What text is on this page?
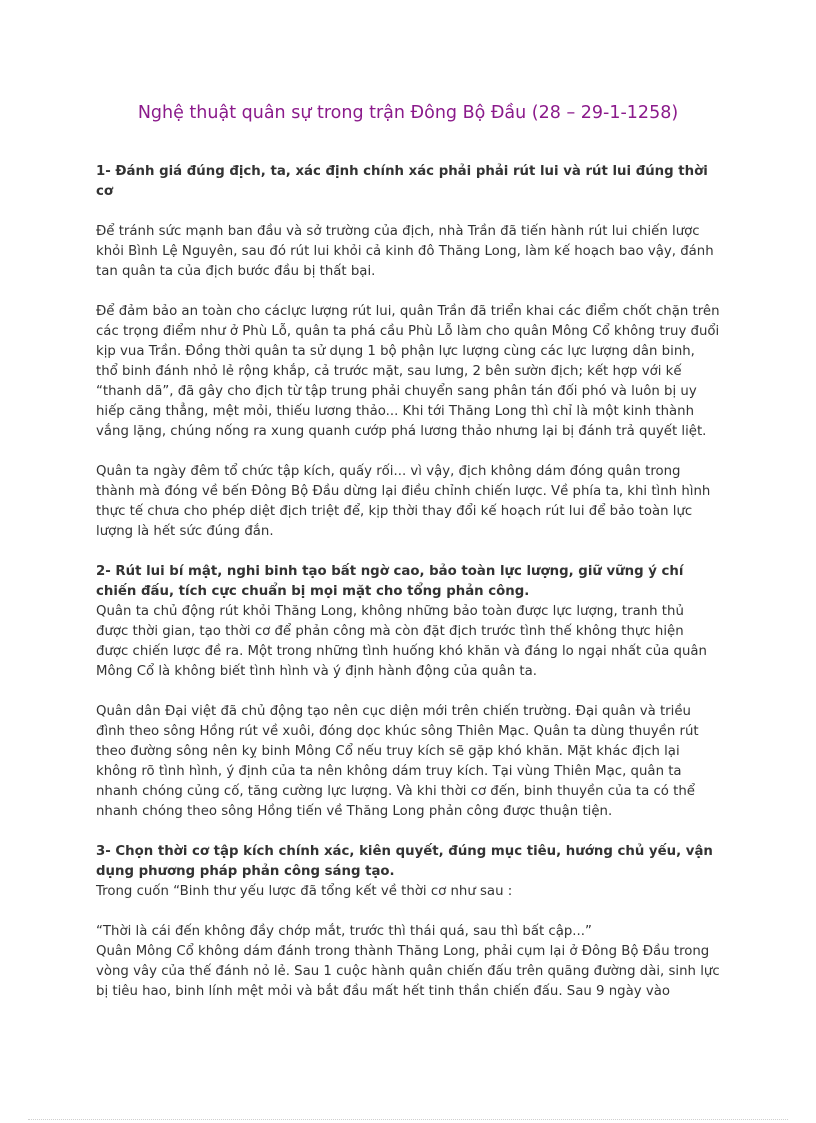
Nghệ thuật quân sự trong trận Đông Bộ Đầu (28 – 29-1-1258)

1- Đánh giá đúng địch, ta, xác định chính xác phải phải rút lui và rút lui đúng thời cơ

Để tránh sức mạnh ban đầu và sở trường của địch, nhà Trần đã tiến hành rút lui chiến lược khỏi Bình Lệ Nguyên, sau đó rút lui khỏi cả kinh đô Thăng Long, làm kế hoạch bao vậy, đánh tan quân ta của địch bước đầu bị thất bại.

Để đảm bảo an toàn cho cáclực lượng rút lui, quân Trần đã triển khai các điểm chốt chặn trên các trọng điểm như ở Phù Lỗ, quân ta phá cầu Phù Lỗ làm cho quân Mông Cổ không truy đuổi kịp vua Trần. Đồng thời quân ta sử dụng 1 bộ phận lực lượng cùng các lực lượng dân binh, thổ binh đánh nhỏ lẻ rộng khắp, cả trước mặt, sau lưng, 2 bên sườn địch; kết hợp với kế “thanh dã”, đã gây cho địch từ tập trung phải chuyển sang phân tán đối phó và luôn bị uy hiếp căng thẳng, mệt mỏi, thiếu lương thảo... Khi tới Thăng Long thì chỉ là một kinh thành vắng lặng, chúng nống ra xung quanh cướp phá lương thảo nhưng lại bị đánh trả quyết liệt.

Quân ta ngày đêm tổ chức tập kích, quấy rối... vì vậy, địch không dám đóng quân trong thành mà đóng về bến Đông Bộ Đầu dừng lại điều chỉnh chiến lược. Về phía ta, khi tình hình thực tế chưa cho phép diệt địch triệt để, kịp thời thay đổi kế hoạch rút lui để bảo toàn lực lượng là hết sức đúng đắn.

2- Rút lui bí mật, nghi binh tạo bất ngờ cao, bảo toàn lực lượng, giữ vững ý chí chiến đấu, tích cực chuẩn bị mọi mặt cho tổng phản công.

Quân ta chủ động rút khỏi Thăng Long, không những bảo toàn được lực lượng, tranh thủ được thời gian, tạo thời cơ để phản công mà còn đặt địch trước tình thế không thực hiện được chiến lược đề ra. Một trong những tình huống khó khăn và đáng lo ngại nhất của quân Mông Cổ là không biết tình hình và ý định hành động của quân ta.

Quân dân Đại việt đã chủ động tạo nên cục diện mới trên chiến trường. Đại quân và triều đình theo sông Hồng rút về xuôi, đóng dọc khúc sông Thiên Mạc. Quân ta dùng thuyền rút theo đường sông nên kỵ binh Mông Cổ nếu truy kích sẽ gặp khó khăn. Mặt khác địch lại không rõ tình hình, ý định của ta nên không dám truy kích. Tại vùng Thiên Mạc, quân ta nhanh chóng củng cố, tăng cường lực lượng. Và khi thời cơ đến, binh thuyền của ta có thể nhanh chóng theo sông Hồng tiến về Thăng Long phản công được thuận tiện.

3- Chọn thời cơ tập kích chính xác, kiên quyết, đúng mục tiêu, hướng chủ yếu, vận dụng phương pháp phản công sáng tạo.

Trong cuốn “Binh thư yếu lược đã tổng kết về thời cơ như sau :

“Thời là cái đến không đầy chớp mắt, trước thì thái quá, sau thì bất cập...”

Quân Mông Cổ không dám đánh trong thành Thăng Long, phải cụm lại ở Đông Bộ Đầu trong vòng vây của thế đánh nỏ lẻ. Sau 1 cuộc hành quân chiến đấu trên quãng đường dài, sinh lực bị tiêu hao, binh lính mệt mỏi và bắt đầu mất hết tinh thần chiến đấu. Sau 9 ngày vào
